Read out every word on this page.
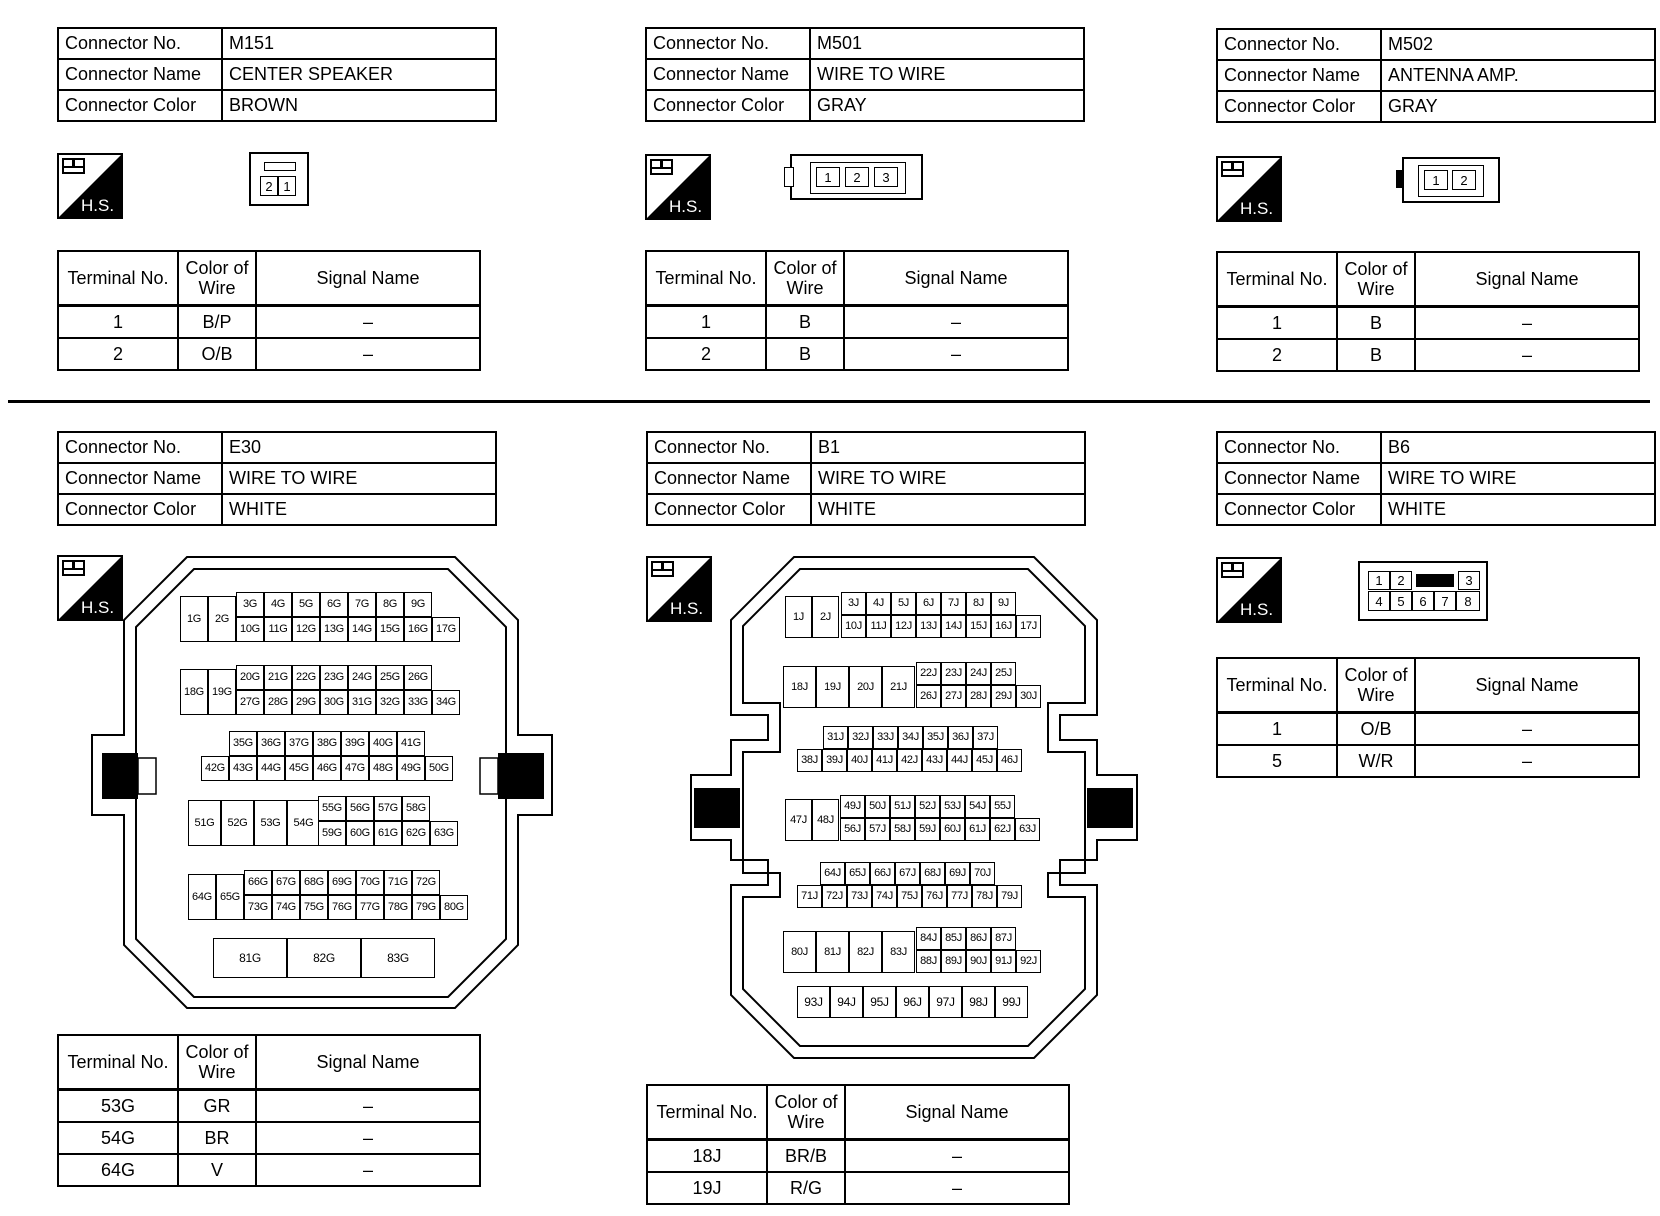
Connector No.	M151
Connector Name	CENTER SPEAKER
Connector Color	BROWN
H.S.
2 1
Terminal No.	Color of
Wire	Signal Name
1	B/P	–
2	O/B	–
Connector No.	M501
Connector Name	WIRE TO WIRE
Connector Color	GRAY
H.S.
1	2	3
Terminal No.	Color of
Wire	Signal Name
1	B	–
2	B	–
Connector No.	M502
Connector Name	ANTENNA AMP.
Connector Color	GRAY
H.S.
1	2
Terminal No.	Color of
Wire	Signal Name
1	B	–
2	B	–
Connector No.	E30
Connector Name	WIRE TO WIRE
Connector Color	WHITE
H.S.
1G	2G
3G	4G	5G	6G	7G	8G	9G
10G 11G 12G 13G 14G 15G 16G 17G
18G 19G
20G 21G 22G 23G 24G 25G 26G
27G 28G 29G 30G 31G 32G 33G 34G
35G 36G 37G 38G 39G 40G 41G
42G 43G 44G 45G 46G 47G 48G 49G 50G
51G	52G	53G	54G
55G 56G 57G 58G
59G 60G 61G 62G 63G
64G 65G
66G 67G 68G 69G 70G 71G 72G
73G 74G 75G 76G 77G 78G 79G 80G
81G	82G	83G
Terminal No.	Color of
Wire	Signal Name
53G	GR	–
54G	BR	–
64G	V	–
Connector No.	B1
Connector Name	WIRE TO WIRE
Connector Color	WHITE
H.S.	1J	2J
3J	4J	5J	6J	7J	8J	9J
10J 11J 12J 13J 14J 15J 16J 17J
18J	19J	20J	21J
22J 23J 24J 25J
26J 27J 28J 29J 30J
31J 32J 33J 34J 35J 36J 37J
38J 39J 40J 41J 42J 43J 44J 45J 46J
47J 48J
49J 50J 51J 52J 53J 54J 55J
56J 57J 58J 59J 60J 61J 62J 63J
64J 65J 66J 67J 68J 69J 70J
71J 72J 73J 74J 75J 76J 77J 78J 79J
80J	81J	82J	83J
84J 85J 86J 87J
88J 89J 90J 91J 92J
93J	94J	95J	96J	97J	98J	99J
Terminal No.	Color of
Wire	Signal Name
18J	BR/B	–
19J	R/G	–
Connector No.	B6
Connector Name	WIRE TO WIRE
Connector Color	WHITE
H.S.
1	2	3
4	5	6	7	8
Terminal No.	Color of
Wire	Signal Name
1	O/B	–
5	W/R	–
